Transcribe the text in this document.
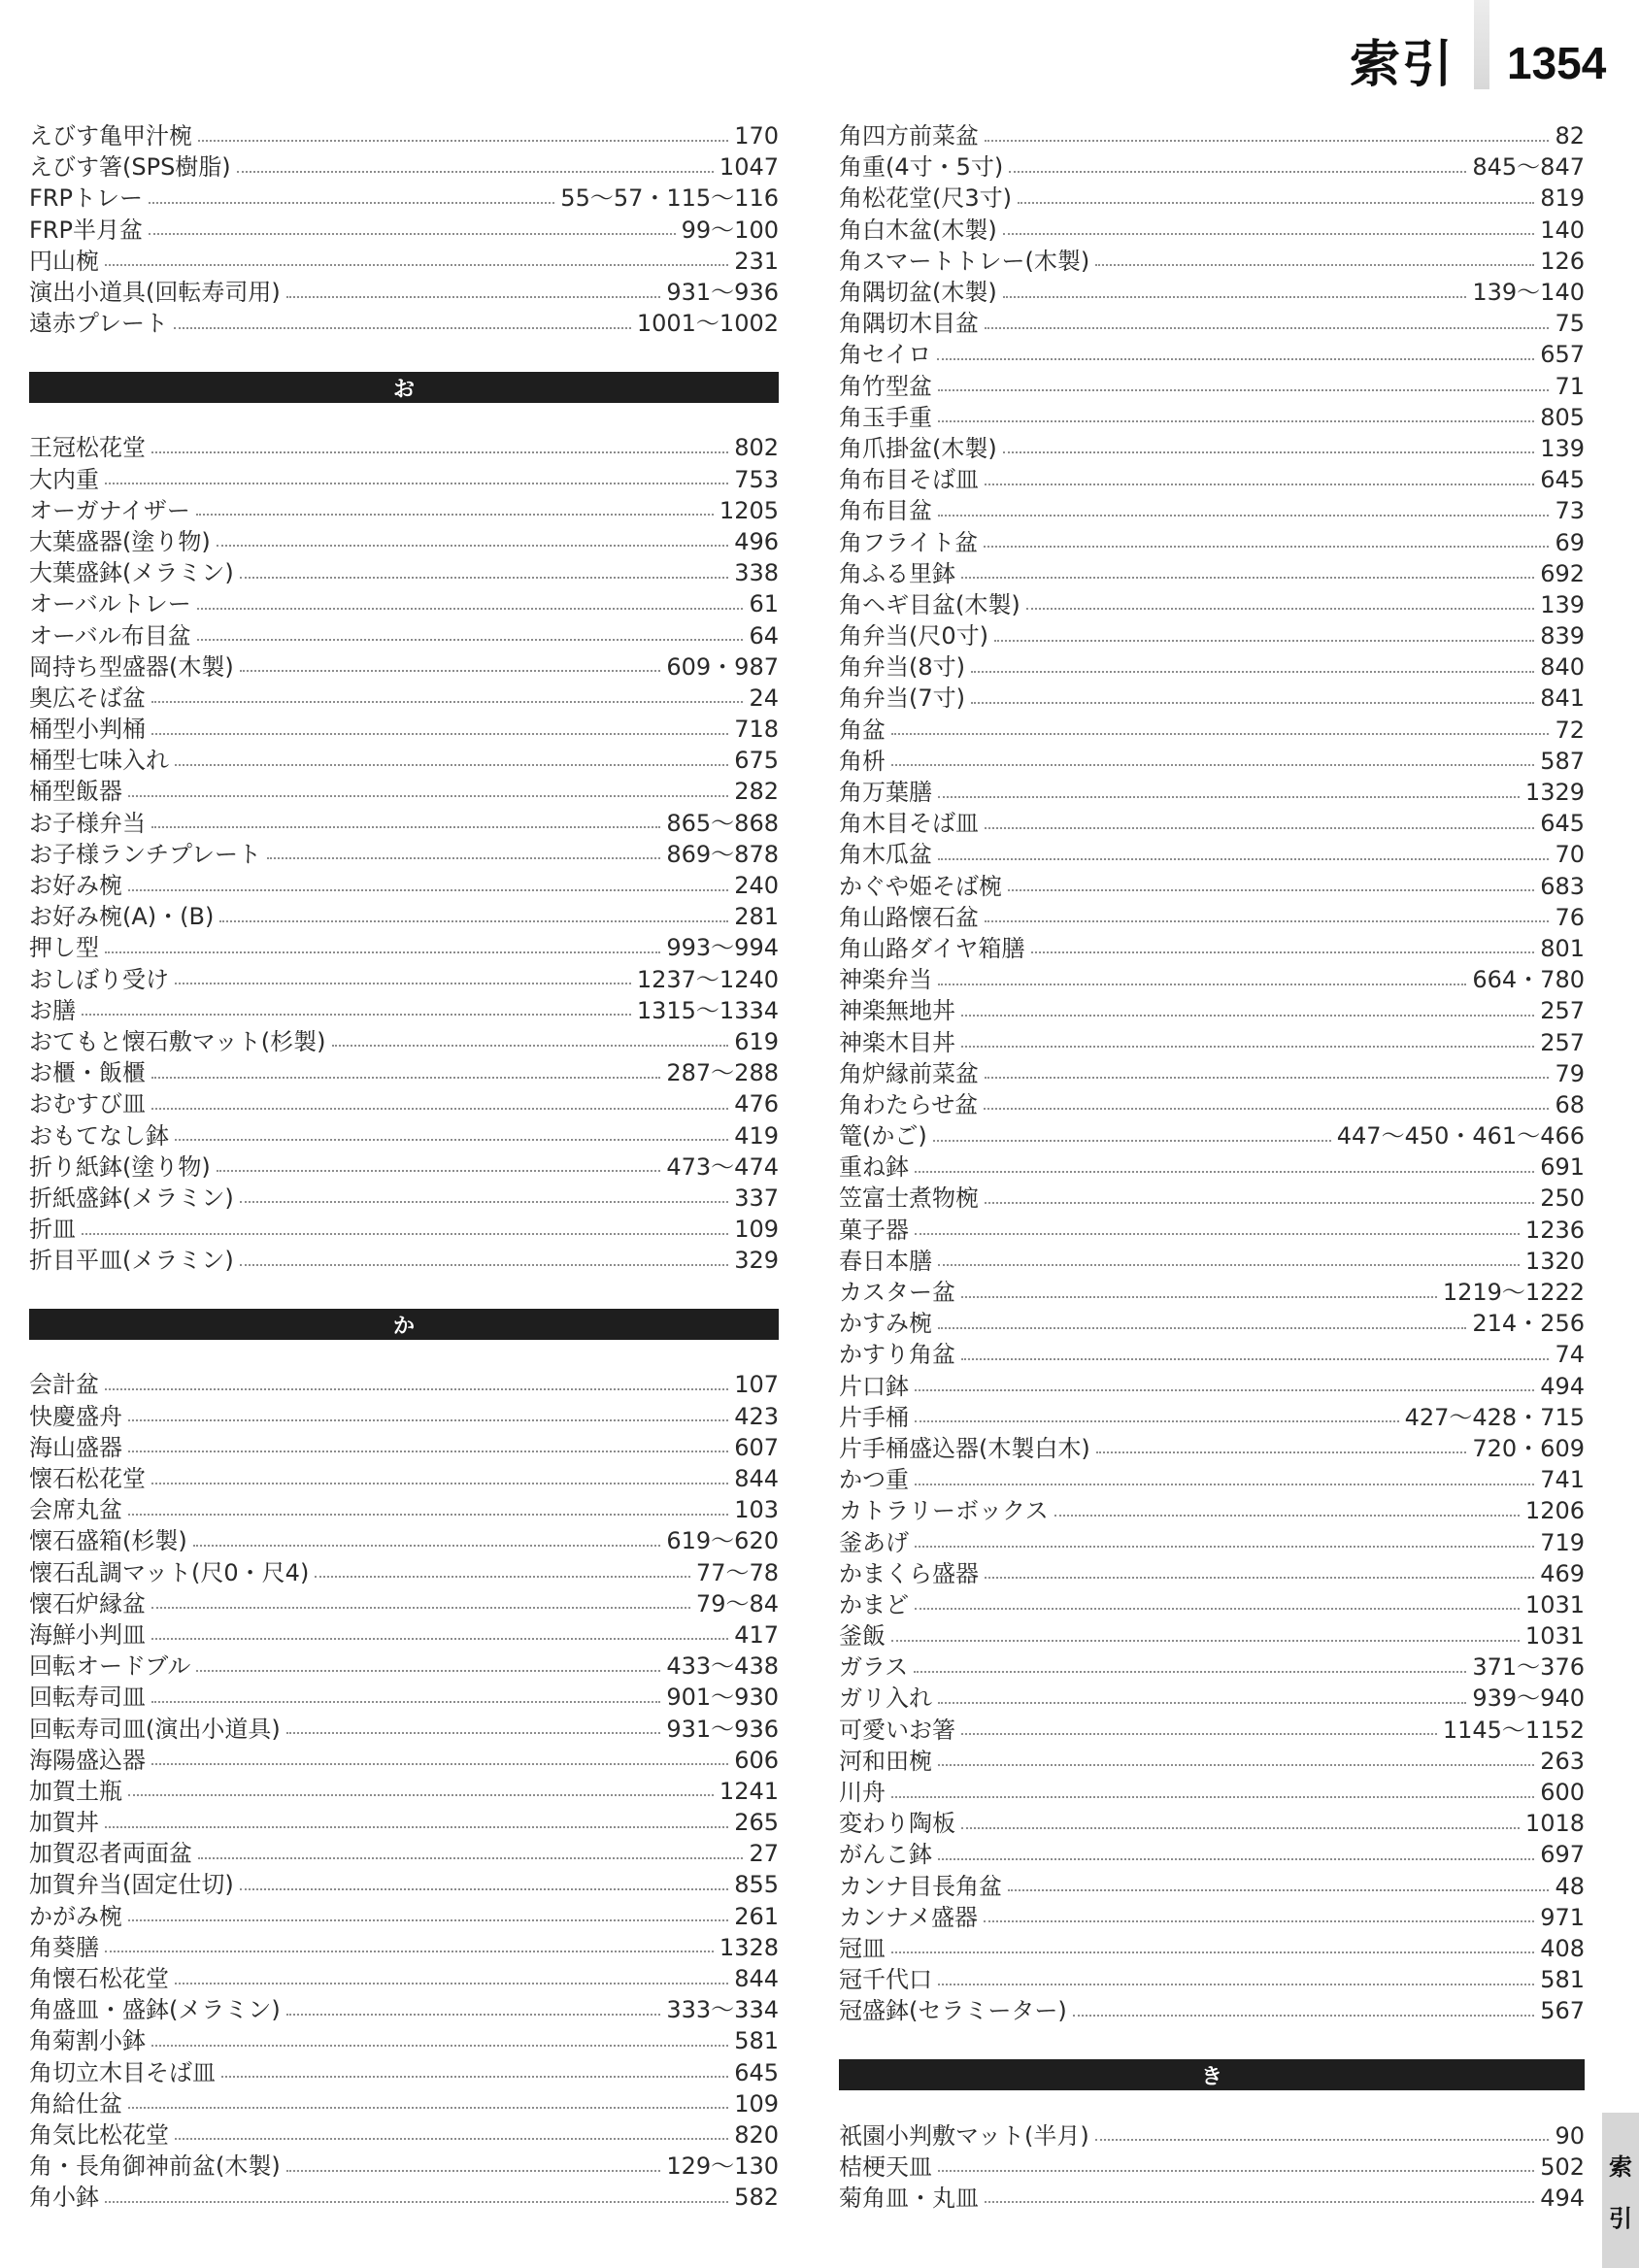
索引 1354
えびす亀甲汁椀	170
えびす箸(SPS樹脂)	1047
FRPトレー	55〜57・115〜116
FRP半月盆	99〜100
円山椀	231
演出小道具(回転寿司用)	931〜936
遠赤プレート	1001〜1002
お
王冠松花堂	802
大内重	753
オーガナイザー	1205
大葉盛器(塗り物)	496
大葉盛鉢(メラミン)	338
オーバルトレー	61
オーバル布目盆	64
岡持ち型盛器(木製)	609・987
奥広そば盆	24
桶型小判桶	718
桶型七味入れ	675
桶型飯器	282
お子様弁当	865〜868
お子様ランチプレート	869〜878
お好み椀	240
お好み椀(A)・(B)	281
押し型	993〜994
おしぼり受け	1237〜1240
お膳	1315〜1334
おてもと懐石敷マット(杉製)	619
お櫃・飯櫃	287〜288
おむすび皿	476
おもてなし鉢	419
折り紙鉢(塗り物)	473〜474
折紙盛鉢(メラミン)	337
折皿	109
折目平皿(メラミン)	329
か
会計盆	107
快慶盛舟	423
海山盛器	607
懐石松花堂	844
会席丸盆	103
懐石盛箱(杉製)	619〜620
懐石乱調マット(尺0・尺4)	77〜78
懐石炉縁盆	79〜84
海鮮小判皿	417
回転オードブル	433〜438
回転寿司皿	901〜930
回転寿司皿(演出小道具)	931〜936
海陽盛込器	606
加賀土瓶	1241
加賀丼	265
加賀忍者両面盆	27
加賀弁当(固定仕切)	855
かがみ椀	261
角葵膳	1328
角懐石松花堂	844
角盛皿・盛鉢(メラミン)	333〜334
角菊割小鉢	581
角切立木目そば皿	645
角給仕盆	109
角気比松花堂	820
角・長角御神前盆(木製)	129〜130
角小鉢	582
角四方前菜盆	82
角重(4寸・5寸)	845〜847
角松花堂(尺3寸)	819
角白木盆(木製)	140
角スマートトレー(木製)	126
角隅切盆(木製)	139〜140
角隅切木目盆	75
角セイロ	657
角竹型盆	71
角玉手重	805
角爪掛盆(木製)	139
角布目そば皿	645
角布目盆	73
角フライト盆	69
角ふる里鉢	692
角ヘギ目盆(木製)	139
角弁当(尺0寸)	839
角弁当(8寸)	840
角弁当(7寸)	841
角盆	72
角枡	587
角万葉膳	1329
角木目そば皿	645
角木瓜盆	70
かぐや姫そば椀	683
角山路懐石盆	76
角山路ダイヤ箱膳	801
神楽弁当	664・780
神楽無地丼	257
神楽木目丼	257
角炉縁前菜盆	79
角わたらせ盆	68
篭(かご)	447〜450・461〜466
重ね鉢	691
笠富士煮物椀	250
菓子器	1236
春日本膳	1320
カスター盆	1219〜1222
かすみ椀	214・256
かすり角盆	74
片口鉢	494
片手桶	427〜428・715
片手桶盛込器(木製白木)	720・609
かつ重	741
カトラリーボックス	1206
釜あげ	719
かまくら盛器	469
かまど	1031
釜飯	1031
ガラス	371〜376
ガリ入れ	939〜940
可愛いお箸	1145〜1152
河和田椀	263
川舟	600
変わり陶板	1018
がんこ鉢	697
カンナ目長角盆	48
カンナメ盛器	971
冠皿	408
冠千代口	581
冠盛鉢(セラミーター)	567
き
祇園小判敷マット(半月)	90
桔梗天皿	502
菊角皿・丸皿	494
索
引
